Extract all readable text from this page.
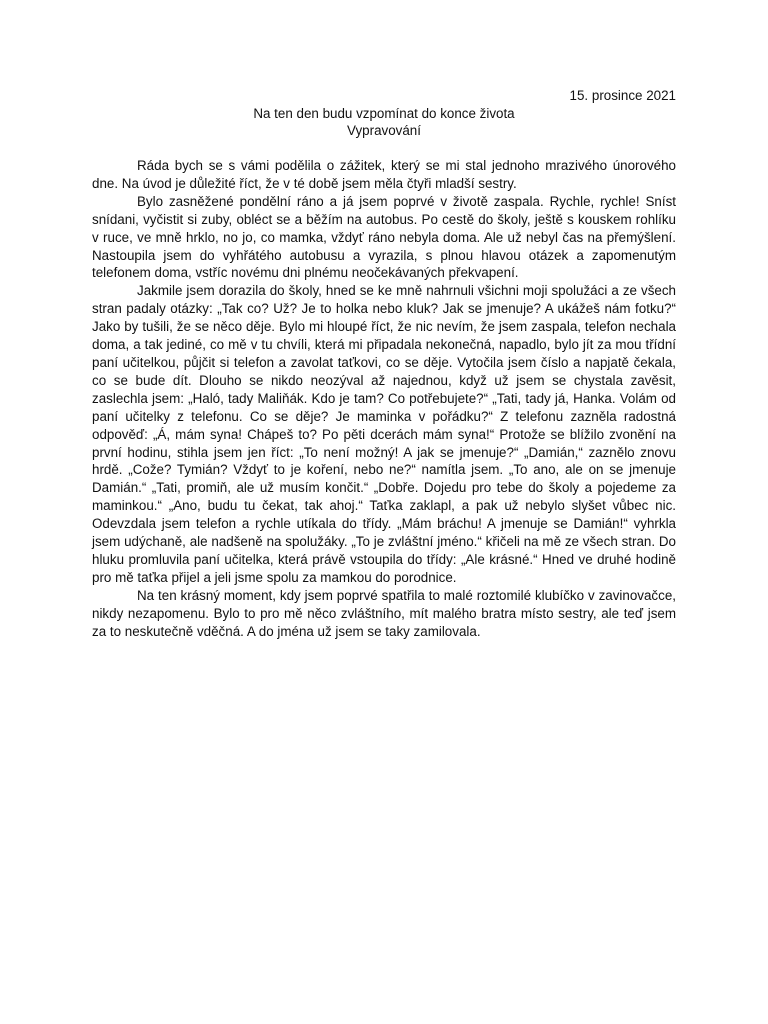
15. prosince 2021
Na ten den budu vzpomínat do konce života
Vypravování

Ráda bych se s vámi podělila o zážitek, který se mi stal jednoho mrazivého únorového dne. Na úvod je důležité říct, že v té době jsem měla čtyři mladší sestry.

Bylo zasněžené pondělní ráno a já jsem poprvé v životě zaspala. Rychle, rychle! Sníst snídani, vyčistit si zuby, obléct se a běžím na autobus. Po cestě do školy, ještě s kouskem rohlíku v ruce, ve mně hrklo, no jo, co mamka, vždyť ráno nebyla doma. Ale už nebyl čas na přemýšlení. Nastoupila jsem do vyhřátého autobusu a vyrazila, s plnou hlavou otázek a zapomenutým telefonem doma, vstříc novému dni plnému neočekávaných překvapení.

Jakmile jsem dorazila do školy, hned se ke mně nahrnuli všichni moji spolužáci a ze všech stran padaly otázky: „Tak co? Už? Je to holka nebo kluk? Jak se jmenuje? A ukážeš nám fotku?“ Jako by tušili, že se něco děje. Bylo mi hloupé říct, že nic nevím, že jsem zaspala, telefon nechala doma, a tak jediné, co mě v tu chvíli, která mi připadala nekonečná, napadlo, bylo jít za mou třídní paní učitelkou, půjčit si telefon a zavolat taťkovi, co se děje. Vytočila jsem číslo a napjatě čekala, co se bude dít. Dlouho se nikdo neozýval až najednou, když už jsem se chystala zavěsit, zaslechla jsem: „Haló, tady Maliňák. Kdo je tam? Co potřebujete?“ „Tati, tady já, Hanka. Volám od paní učitelky z telefonu. Co se děje? Je maminka v pořádku?“ Z telefonu zazněla radostná odpověď: „Á, mám syna! Chápeš to? Po pěti dcerách mám syna!“ Protože se blížilo zvonění na první hodinu, stihla jsem jen říct: „To není možný! A jak se jmenuje?“ „Damián,“ zaznělo znovu hrdě. „Cože? Tymián? Vždyť to je koření, nebo ne?“ namítla jsem. „To ano, ale on se jmenuje Damián.“ „Tati, promiň, ale už musím končit.“ „Dobře. Dojedu pro tebe do školy a pojedeme za maminkou.“ „Ano, budu tu čekat, tak ahoj.“ Taťka zaklapl, a pak už nebylo slyšet vůbec nic. Odevzdala jsem telefon a rychle utíkala do třídy. „Mám bráchu! A jmenuje se Damián!“ vyhrkla jsem udýchaně, ale nadšeně na spolužáky. „To je zvláštní jméno.“ křičeli na mě ze všech stran. Do hluku promluvila paní učitelka, která právě vstoupila do třídy: „Ale krásné.“ Hned ve druhé hodině pro mě taťka přijel a jeli jsme spolu za mamkou do porodnice.

Na ten krásný moment, kdy jsem poprvé spatřila to malé roztomilé klubíčko v zavinovačce, nikdy nezapomenu. Bylo to pro mě něco zvláštního, mít malého bratra místo sestry, ale teď jsem za to neskutečně vděčná. A do jména už jsem se taky zamilovala.
